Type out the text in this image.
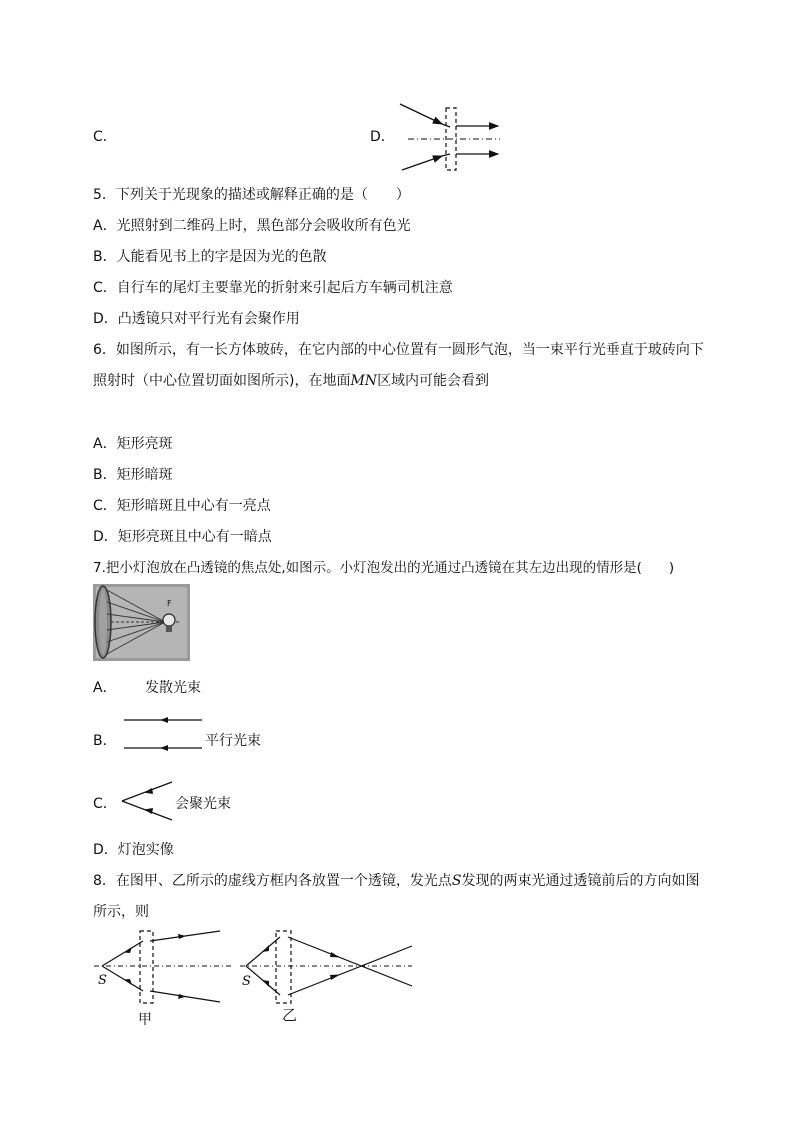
C．	D．
5．下列关于光现象的描述或解释正确的是（　　）
A．光照射到二维码上时，黑色部分会吸收所有色光
B．人能看见书上的字是因为光的色散
C．自行车的尾灯主要靠光的折射来引起后方车辆司机注意
D．凸透镜只对平行光有会聚作用
6．如图所示，有一长方体玻砖，在它内部的中心位置有一圆形气泡，当一束平行光垂直于玻砖向下
照射时（中心位置切面如图所示)，在地面MN区域内可能会看到
A．矩形亮斑
B．矩形暗斑
C．矩形暗斑且中心有一亮点
D．矩形亮斑且中心有一暗点
7.把小灯泡放在凸透镜的焦点处,如图示。小灯泡发出的光通过凸透镜在其左边出现的情形是(　　)
F
A． 发散光束
B．	平行光束
C．	会聚光束
D．灯泡实像
8．在图甲、乙所示的虚线方框内各放置一个透镜，发光点S发现的两束光通过透镜前后的方向如图
所示，则
S
甲
S
乙
